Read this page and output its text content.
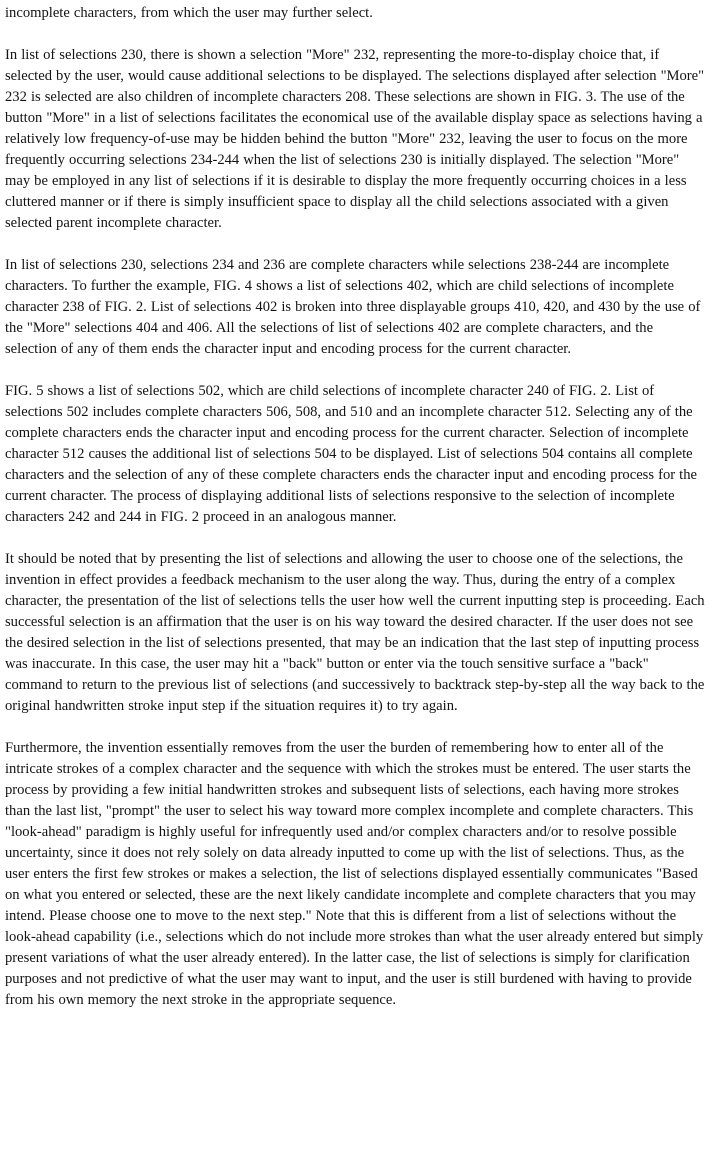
incomplete characters, from which the user may further select.

In list of selections 230, there is shown a selection "More" 232, representing the more-to-display choice that, if selected by the user, would cause additional selections to be displayed. The selections displayed after selection "More" 232 is selected are also children of incomplete characters 208. These selections are shown in FIG. 3. The use of the button "More" in a list of selections facilitates the economical use of the available display space as selections having a relatively low frequency-of-use may be hidden behind the button "More" 232, leaving the user to focus on the more frequently occurring selections 234-244 when the list of selections 230 is initially displayed. The selection "More" may be employed in any list of selections if it is desirable to display the more frequently occurring choices in a less cluttered manner or if there is simply insufficient space to display all the child selections associated with a given selected parent incomplete character.

In list of selections 230, selections 234 and 236 are complete characters while selections 238-244 are incomplete characters. To further the example, FIG. 4 shows a list of selections 402, which are child selections of incomplete character 238 of FIG. 2. List of selections 402 is broken into three displayable groups 410, 420, and 430 by the use of the "More" selections 404 and 406. All the selections of list of selections 402 are complete characters, and the selection of any of them ends the character input and encoding process for the current character.

FIG. 5 shows a list of selections 502, which are child selections of incomplete character 240 of FIG. 2. List of selections 502 includes complete characters 506, 508, and 510 and an incomplete character 512. Selecting any of the complete characters ends the character input and encoding process for the current character. Selection of incomplete character 512 causes the additional list of selections 504 to be displayed. List of selections 504 contains all complete characters and the selection of any of these complete characters ends the character input and encoding process for the current character. The process of displaying additional lists of selections responsive to the selection of incomplete characters 242 and 244 in FIG. 2 proceed in an analogous manner.

It should be noted that by presenting the list of selections and allowing the user to choose one of the selections, the invention in effect provides a feedback mechanism to the user along the way. Thus, during the entry of a complex character, the presentation of the list of selections tells the user how well the current inputting step is proceeding. Each successful selection is an affirmation that the user is on his way toward the desired character. If the user does not see the desired selection in the list of selections presented, that may be an indication that the last step of inputting process was inaccurate. In this case, the user may hit a "back" button or enter via the touch sensitive surface a "back" command to return to the previous list of selections (and successively to backtrack step-by-step all the way back to the original handwritten stroke input step if the situation requires it) to try again.

Furthermore, the invention essentially removes from the user the burden of remembering how to enter all of the intricate strokes of a complex character and the sequence with which the strokes must be entered. The user starts the process by providing a few initial handwritten strokes and subsequent lists of selections, each having more strokes than the last list, "prompt" the user to select his way toward more complex incomplete and complete characters. This "look-ahead" paradigm is highly useful for infrequently used and/or complex characters and/or to resolve possible uncertainty, since it does not rely solely on data already inputted to come up with the list of selections. Thus, as the user enters the first few strokes or makes a selection, the list of selections displayed essentially communicates "Based on what you entered or selected, these are the next likely candidate incomplete and complete characters that you may intend. Please choose one to move to the next step." Note that this is different from a list of selections without the look-ahead capability (i.e., selections which do not include more strokes than what the user already entered but simply present variations of what the user already entered). In the latter case, the list of selections is simply for clarification purposes and not predictive of what the user may want to input, and the user is still burdened with having to provide from his own memory the next stroke in the appropriate sequence.
